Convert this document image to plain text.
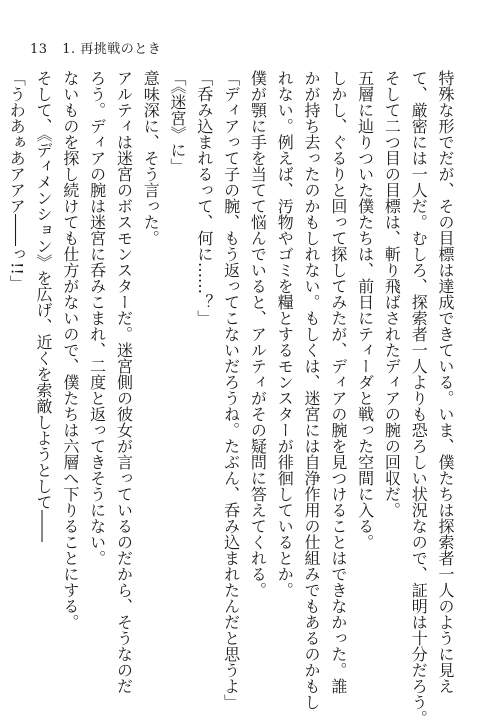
13 1. 再挑戦のとき
特殊な形でだが、その目標は達成できている。いま、僕たちは探索者一人のように見え
て、厳密には一人だ。むしろ、探索者一人よりも恐ろしい状況なので、証明は十分だろう。
そして二つ目の目標は、斬り飛ばされたディアの腕の回収だ。
五層に辿りついた僕たちは、前日にティーダと戦った空間に入る。
しかし、ぐるりと回って探してみたが、ディアの腕を見つけることはできなかった。誰
かが持ち去ったのかもしれない。もしくは、迷宮には自浄作用の仕組みでもあるのかもし
れない。例えば、汚物やゴミを糧とするモンスターが徘徊しているとか。
僕が顎に手を当てて悩んでいると、アルティがその疑問に答えてくれる。
「ディアって子の腕、もう返ってこないだろうね。たぶん、呑み込まれたんだと思うよ」
「呑み込まれるって、何に……？」
「《迷宮》に」
意味深に、そう言った。
アルティは迷宮のボスモンスターだ。迷宮側の彼女が言っているのだから、そうなのだ
ろう。ディアの腕は迷宮に呑みこまれ、二度と返ってきそうにない。
ないものを探し続けても仕方がないので、僕たちは六層へ下りることにする。
そして、《ディメンション》を広げ、近くを索敵しようとして――
「うわあぁあアアア――っ!!」
